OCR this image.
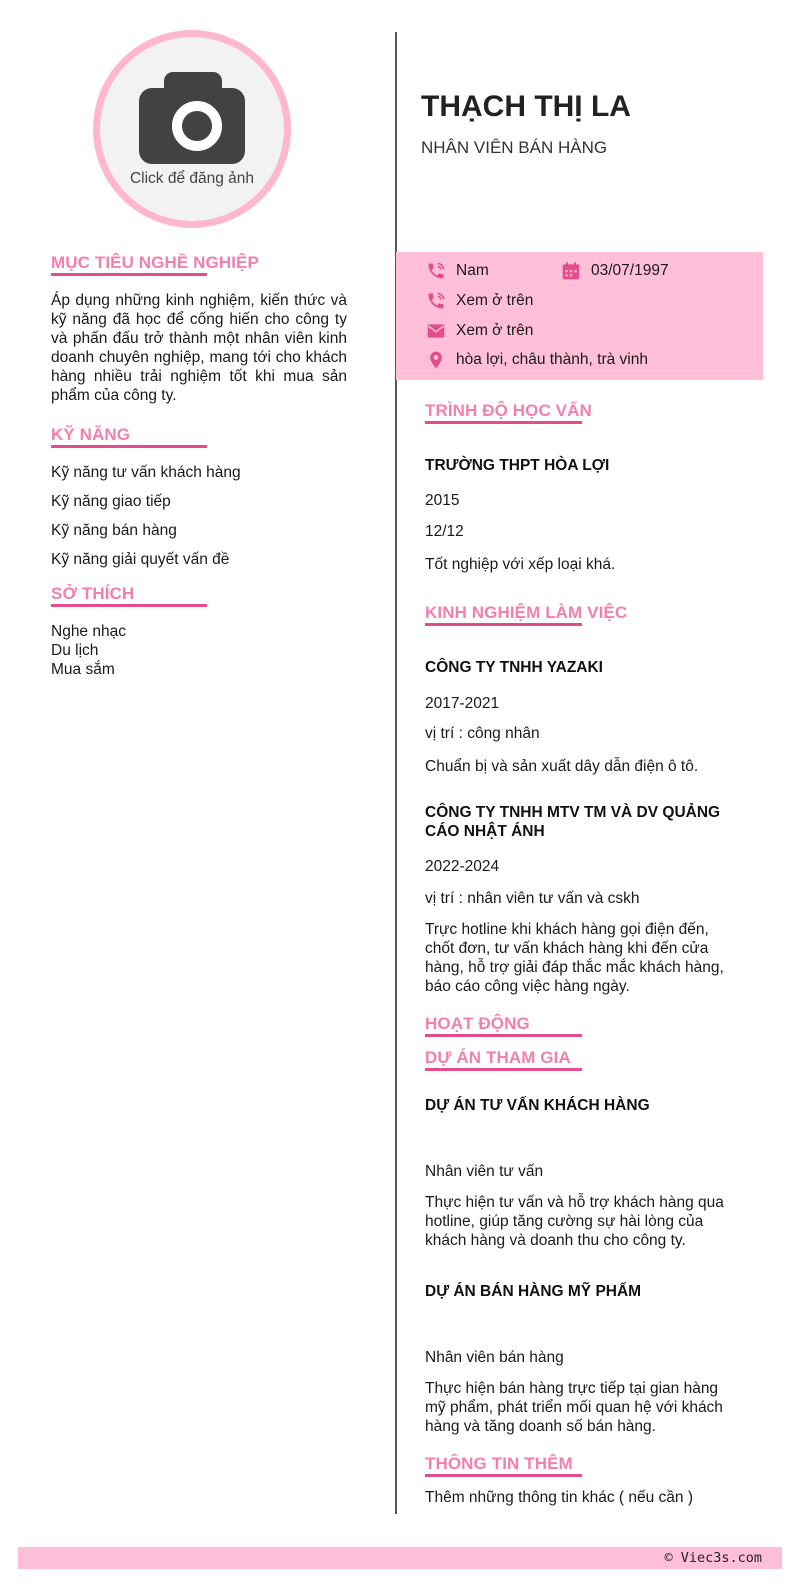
Click để đăng ảnh
MỤC TIÊU NGHỀ NGHIỆP
Áp dụng những kinh nghiệm, kiến thức và kỹ năng đã học để cống hiến cho công ty và phấn đấu trở thành một nhân viên kinh doanh chuyên nghiệp, mang tới cho khách hàng nhiều trải nghiệm tốt khi mua sản phẩm của công ty.
KỸ NĂNG
Kỹ năng tư vấn khách hàng
Kỹ năng giao tiếp
Kỹ năng bán hàng
Kỹ năng giải quyết vấn đề
SỞ THÍCH
Nghe nhạc
Du lịch
Mua sắm
THẠCH THỊ LA
NHÂN VIÊN BÁN HÀNG
Nam	03/07/1997
Xem ở trên
Xem ở trên
hòa lợi, châu thành, trà vinh
TRÌNH ĐỘ HỌC VẤN
TRƯỜNG THPT HÒA LỢI
2015
12/12
Tốt nghiệp với xếp loại khá.
KINH NGHIỆM LÀM VIỆC
CÔNG TY TNHH YAZAKI
2017-2021
vị trí : công nhân
Chuẩn bị và sản xuất dây dẫn điện ô tô.
CÔNG TY TNHH MTV TM VÀ DV QUẢNG CÁO NHẬT ÁNH
2022-2024
vị trí : nhân viên tư vấn và cskh
Trực hotline khi khách hàng gọi điện đến, chốt đơn, tư vấn khách hàng khi đến cửa hàng, hỗ trợ giải đáp thắc mắc khách hàng, báo cáo công việc hàng ngày.
HOẠT ĐỘNG
DỰ ÁN THAM GIA
DỰ ÁN TƯ VẤN KHÁCH HÀNG
Nhân viên tư vấn
Thực hiện tư vấn và hỗ trợ khách hàng qua hotline, giúp tăng cường sự hài lòng của khách hàng và doanh thu cho công ty.
DỰ ÁN BÁN HÀNG MỸ PHẨM
Nhân viên bán hàng
Thực hiện bán hàng trực tiếp tại gian hàng mỹ phẩm, phát triển mối quan hệ với khách hàng và tăng doanh số bán hàng.
THÔNG TIN THÊM
Thêm những thông tin khác ( nếu cần )
© Viec3s.com
